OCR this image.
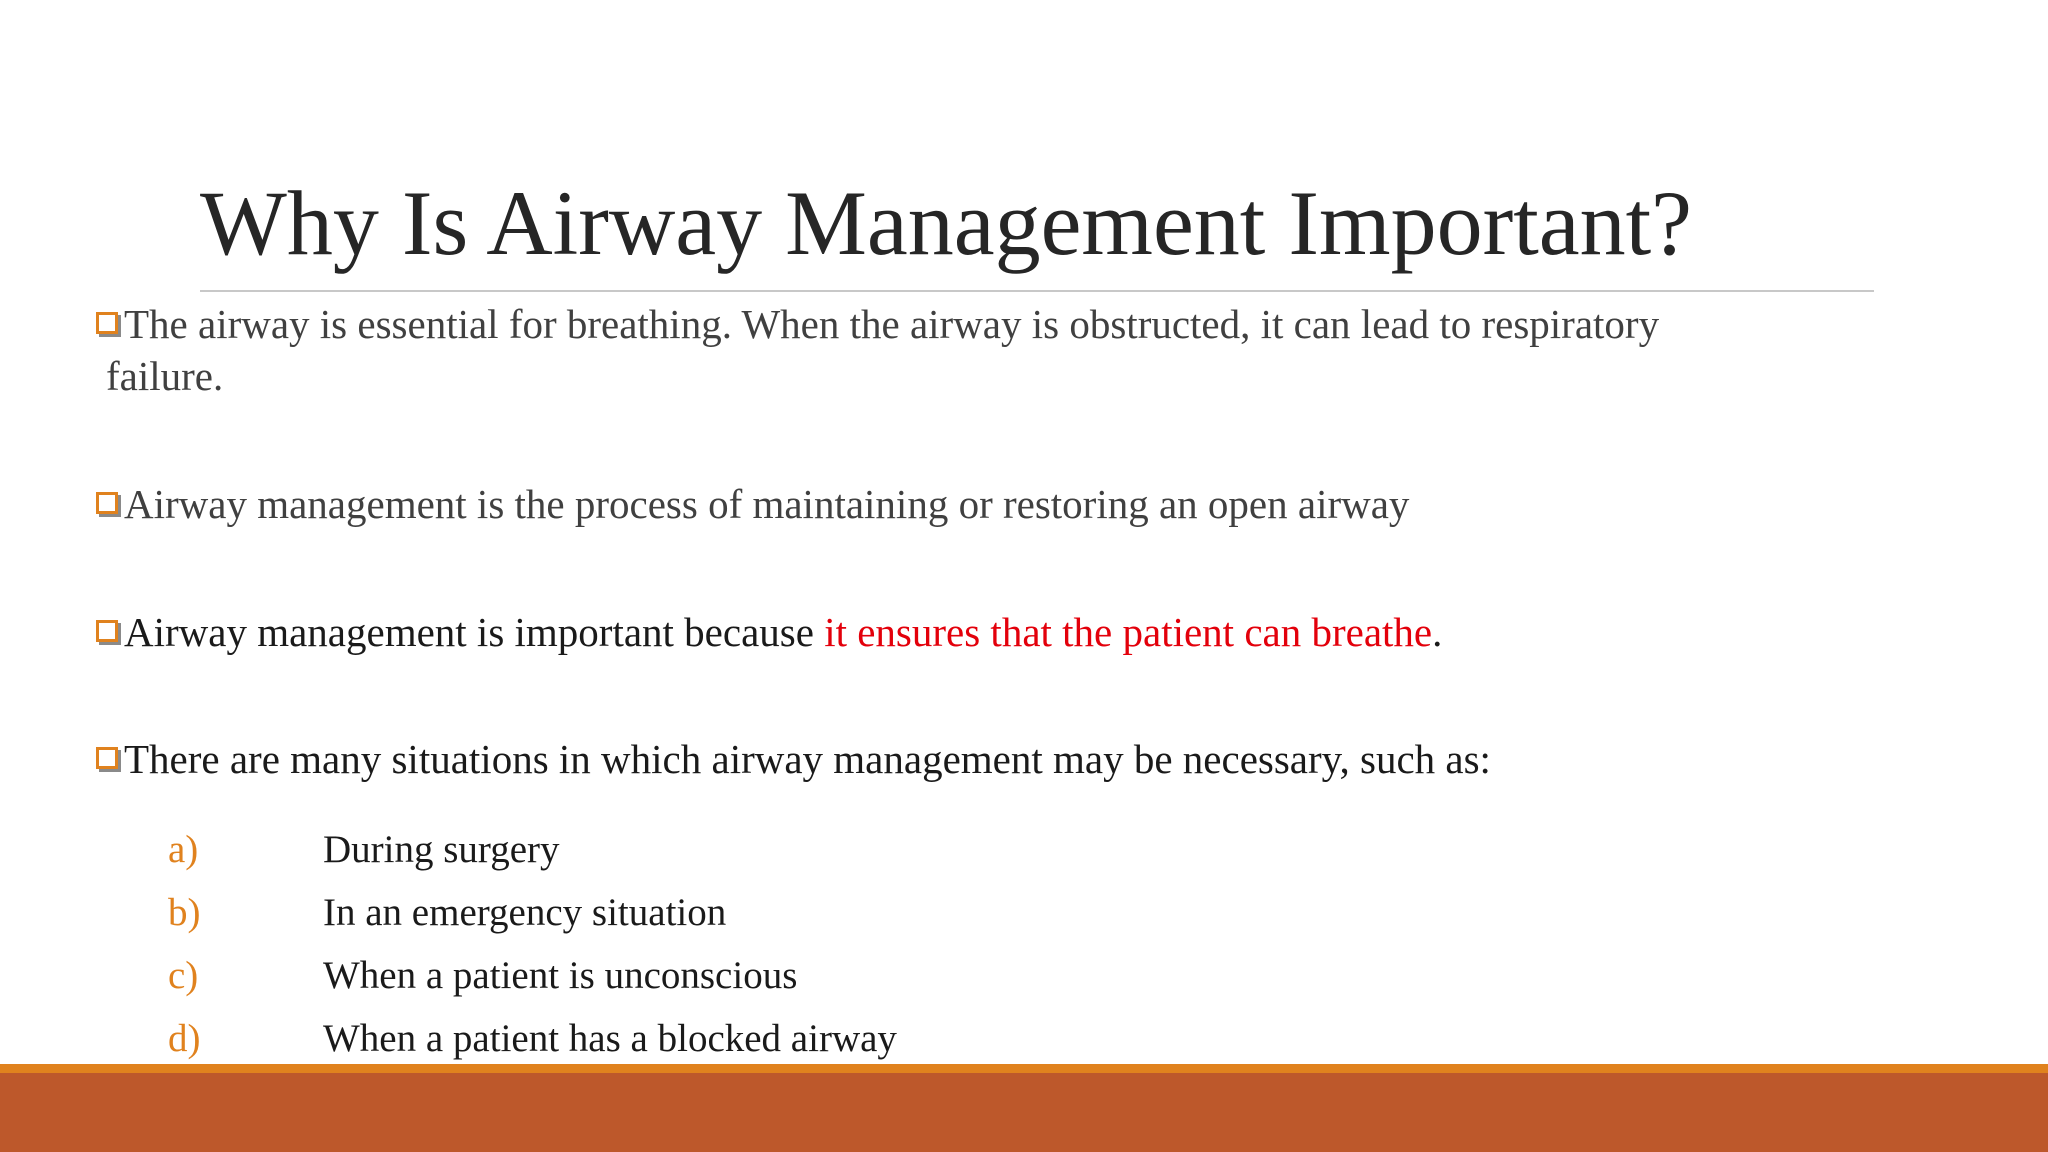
Why Is Airway Management Important?
The airway is essential for breathing. When the airway is obstructed, it can lead to respiratory
failure.
Airway management is the process of maintaining or restoring an open airway
Airway management is important because it ensures that the patient can breathe.
There are many situations in which airway management may be necessary, such as:
a)	During surgery
b)	In an emergency situation
c)	When a patient is unconscious
d)	When a patient has a blocked airway
